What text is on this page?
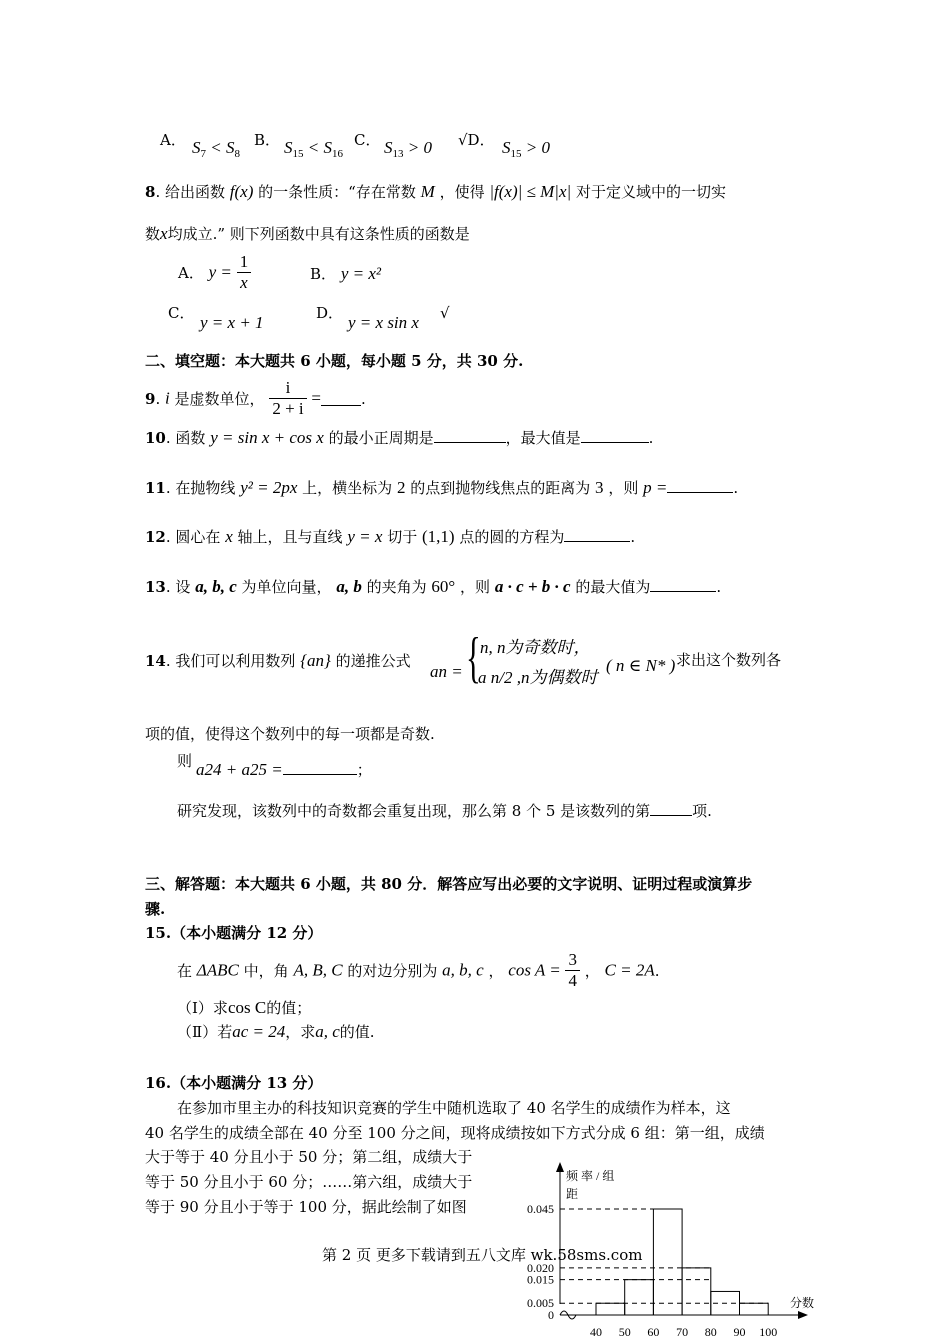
A． $S_7 < S_8$
B． $S_{15} < S_{16}$
C． $S_{13} > 0$ √D． $S_{15} > 0$
8. 给出函数 f(x) 的一条性质：“存在常数 M ，使得 |f(x)| ≤ M|x| 对于定义域中的一切实
数x均成立.” 则下列函数中具有这条性质的函数是
A． $y = \frac{1}{x}$	B． y = x²
C． y = x + 1	D． y = x sin x √
二、填空题：本大题共 6 小题，每小题 5 分，共 30 分.
9. i 是虚数单位， $\frac{i}{2 + i}$ =	.
10. 函数 y = sin x + cos x 的最小正周期是	，最大值是	.
11. 在抛物线 y² = 2px 上，横坐标为 2 的点到抛物线焦点的距离为 3 ，则 p =	.
12. 圆心在 x 轴上，且与直线 y = x 切于 (1,1) 点的圆的方程为	.
13. 设 a, b, c 为单位向量， a, b 的夹角为 60° ，则 a · c + b · c 的最大值为	.
14. 我们可以利用数列 {an} 的递推公式
an = { n, n为奇数时，
a n/2 ,n为偶数时
( n ∈ N* ) 求出这个数列各
项的值，使得这个数列中的每一项都是奇数.
则 a24 + a25 =	；
研究发现，该数列中的奇数都会重复出现，那么第 8 个 5 是该数列的第	项.
三、解答题：本大题共 6 小题，共 80 分．解答应写出必要的文字说明、证明过程或演算步
骤.
15.（本小题满分 12 分）
在 ΔABC 中，角 A, B, C 的对边分别为 a, b, c ， $\cos A = \frac{3}{4}$ ， C = 2A.
（Ⅰ）求cos C的值；
（Ⅱ）若ac = 24，求a, c的值.
16.（本小题满分 13 分）
在参加市里主办的科技知识竞赛的学生中随机选取了 40 名学生的成绩作为样本，这
40 名学生的成绩全部在 40 分至 100 分之间，现将成绩按如下方式分成 6 组：第一组，成绩
大于等于 40 分且小于 50 分；第二组，成绩大于
等于 50 分且小于 60 分；……第六组，成绩大于
等于 90 分且小于等于 100 分，据此绘制了如图
第 2 页 更多下载请到五八文库 wk.58sms.com
0
0.005
0.015
0.020
0.045
40 50 60 70 80 90 100
频 率 / 组
距
分数
